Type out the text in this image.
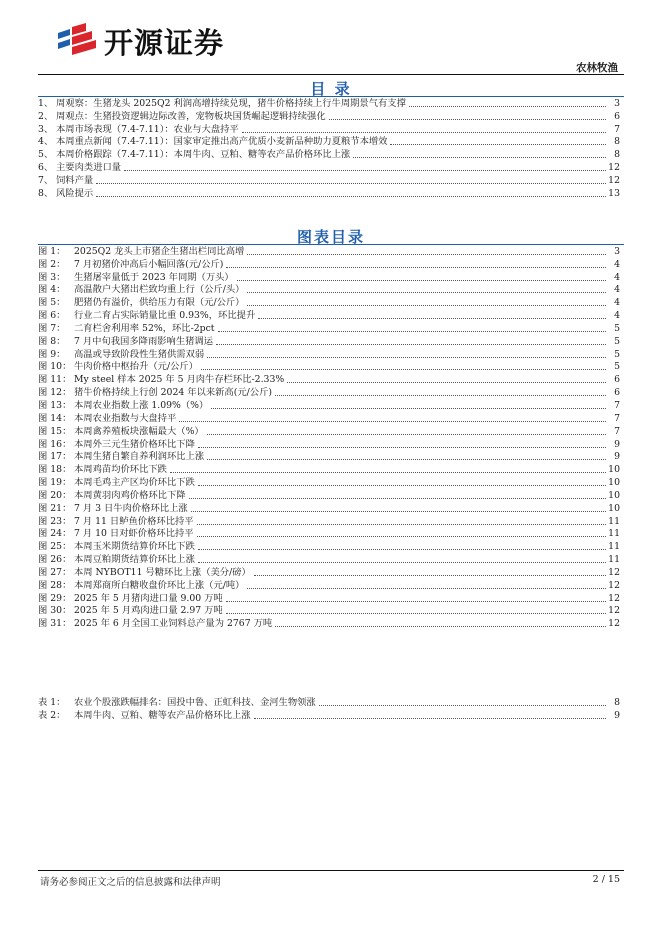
开源证券
农林牧渔
目 录
1、 周观察：生猪龙头 2025Q2 利润高增持续兑现，猪牛价格持续上行牛周期景气有支撑	3
2、 周观点：生猪投资逻辑边际改善，宠物板块国货崛起逻辑持续强化	6
3、 本周市场表现（7.4-7.11）：农业与大盘持平	7
4、 本周重点新闻（7.4-7.11）：国家审定推出高产优质小麦新品种助力夏粮节本增效	8
5、 本周价格跟踪（7.4-7.11）：本周牛肉、豆粕、糖等农产品价格环比上涨	8
6、 主要肉类进口量	12
7、 饲料产量	12
8、 风险提示	13
图表目录
图 1： 2025Q2 龙头上市猪企生猪出栏同比高增	3
图 2： 7 月初猪价冲高后小幅回落(元/公斤)	4
图 3： 生猪屠宰量低于 2023 年同期（万头）	4
图 4： 高温散户大猪出栏致均重上行（公斤/头）	4
图 5： 肥猪仍有溢价，供给压力有限（元/公斤）	4
图 6： 行业二育占实际销量比重 0.93%，环比提升	4
图 7： 二育栏舍利用率 52%，环比-2pct	5
图 8： 7 月中旬我国多降雨影响生猪调运	5
图 9： 高温或导致阶段性生猪供需双弱	5
图 10： 牛肉价格中枢抬升（元/公斤）	5
图 11： My steel 样本 2025 年 5 月肉牛存栏环比-2.33%	6
图 12： 猪牛价格持续上行创 2024 年以来新高(元/公斤)	6
图 13： 本周农业指数上涨 1.09%（%）	7
图 14： 本周农业指数与大盘持平	7
图 15： 本周禽养殖板块涨幅最大（%）	7
图 16： 本周外三元生猪价格环比下降	9
图 17： 本周生猪自繁自养利润环比上涨	9
图 18： 本周鸡苗均价环比下跌	10
图 19： 本周毛鸡主产区均价环比下跌	10
图 20： 本周黄羽肉鸡价格环比下降	10
图 21： 7 月 3 日牛肉价格环比上涨	10
图 23： 7 月 11 日鲈鱼价格环比持平	11
图 24： 7 月 10 日对虾价格环比持平	11
图 25： 本周玉米期货结算价环比下跌	11
图 26： 本周豆粕期货结算价环比上涨	11
图 27： 本周 NYBOT11 号糖环比上涨（美分/磅）	12
图 28： 本周郑商所白糖收盘价环比上涨（元/吨）	12
图 29： 2025 年 5 月猪肉进口量 9.00 万吨	12
图 30： 2025 年 5 月鸡肉进口量 2.97 万吨	12
图 31： 2025 年 6 月全国工业饲料总产量为 2767 万吨	12
表 1： 农业个股涨跌幅排名：国投中鲁、正虹科技、金河生物领涨	8
表 2： 本周牛肉、豆粕、糖等农产品价格环比上涨	9
请务必参阅正文之后的信息披露和法律声明	2 / 15
